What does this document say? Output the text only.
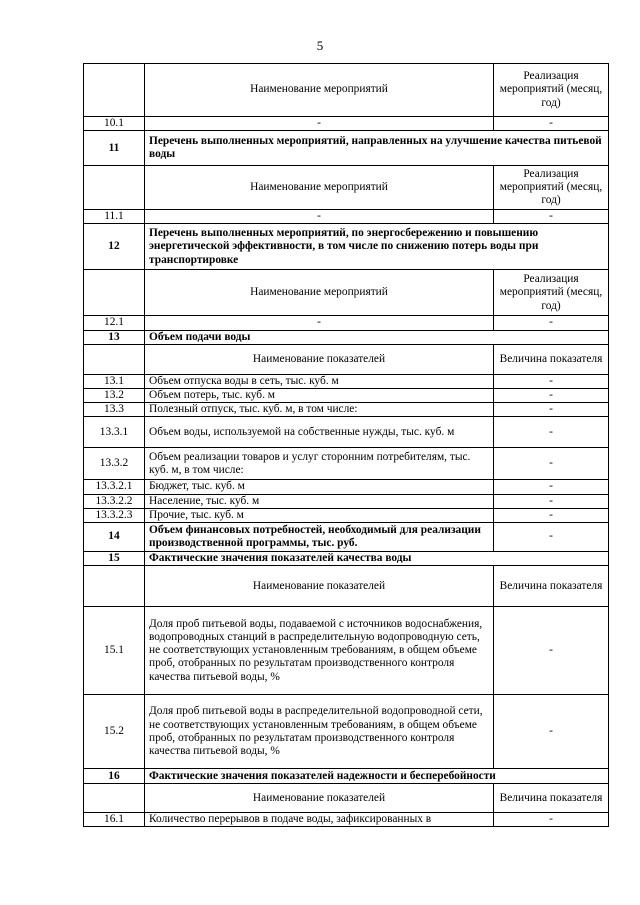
5
	Наименование мероприятий	Реализация мероприятий (месяц, год)
10.1	-	-
11	Перечень выполненных мероприятий, направленных на улучшение качества питьевой воды	
	Наименование мероприятий	Реализация мероприятий (месяц, год)
11.1	-	-
12	Перечень выполненных мероприятий, по энергосбережению и повышению энергетической эффективности, в том числе по снижению потерь воды при транспортировке	
	Наименование мероприятий	Реализация мероприятий (месяц, год)
12.1	-	-
13	Объем подачи воды	
	Наименование показателей	Величина показателя
13.1	Объем отпуска воды в сеть, тыс. куб. м	-
13.2	Объем потерь, тыс. куб. м	-
13.3	Полезный отпуск, тыс. куб. м, в том числе:	-
13.3.1	Объем воды, используемой на собственные нужды, тыс. куб. м	-
13.3.2	Объем реализации товаров и услуг сторонним потребителям, тыс. куб. м, в том числе:	-
13.3.2.1	Бюджет, тыс. куб. м	-
13.3.2.2	Население, тыс. куб. м	-
13.3.2.3	Прочие, тыс. куб. м	-
14	Объем финансовых потребностей, необходимый для реализации производственной программы, тыс. руб.	-
15	Фактические значения показателей качества воды	
	Наименование показателей	Величина показателя
15.1	Доля проб питьевой воды, подаваемой с источников водоснабжения, водопроводных станций в распределительную водопроводную сеть, не соответствующих установленным требованиям, в общем объеме проб, отобранных по результатам производственного контроля качества питьевой воды, %	-
15.2	Доля проб питьевой воды в распределительной водопроводной сети, не соответствующих установленным требованиям, в общем объеме проб, отобранных по результатам производственного контроля качества питьевой воды, %	-
16	Фактические значения показателей надежности и бесперебойности	
	Наименование показателей	Величина показателя
16.1	Количество перерывов в подаче воды, зафиксированных в	-
